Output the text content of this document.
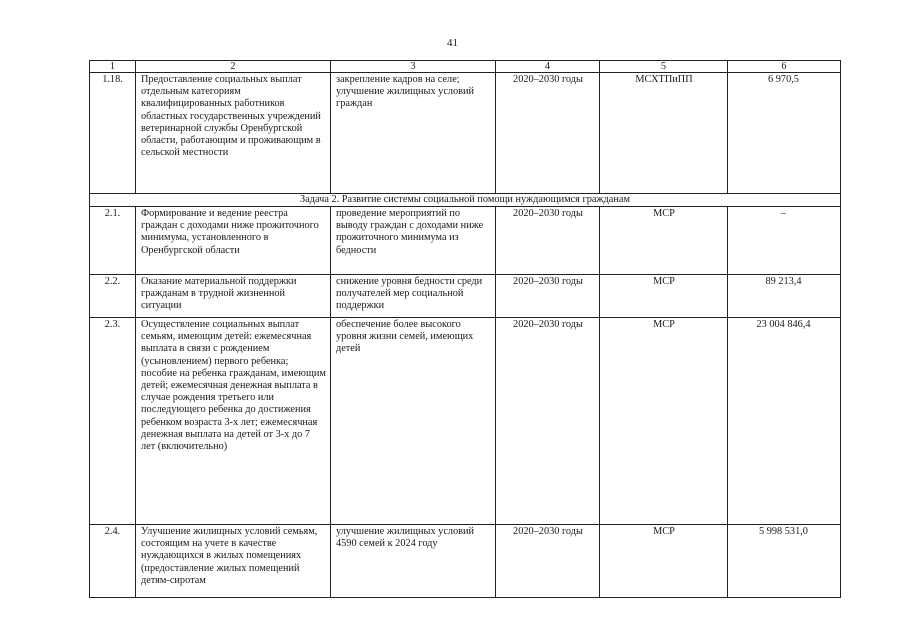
41
1	2	3	4	5	6
1.18.	Предоставление социальных выплат отдельным категориям квалифицированных работников областных государственных учреждений ветеринарной службы Оренбургской области, работающим и проживающим в сельской местности	закрепление кадров на селе; улучшение жилищных условий граждан	2020–2030 годы	МСХТПиПП	6 970,5
Задача 2. Развитие системы социальной помощи нуждающимся гражданам					
2.1.	Формирование и ведение реестра граждан с доходами ниже прожиточного минимума, установленного в Оренбургской области	проведение мероприятий по выводу граждан с доходами ниже прожиточного минимума из бедности	2020–2030 годы	МСР	–
2.2.	Оказание материальной поддержки гражданам в трудной жизненной ситуации	снижение уровня бедности среди получателей мер социальной поддержки	2020–2030 годы	МСР	89 213,4
2.3.	Осуществление социальных выплат семьям, имеющим детей: ежемесячная выплата в связи с рождением (усыновлением) первого ребенка; пособие на ребенка гражданам, имеющим детей; ежемесячная денежная выплата в случае рождения третьего или последующего ребенка до достижения ребенком возраста 3-х лет; ежемесячная денежная выплата на детей от 3-х до 7 лет (включительно)	обеспечение более высокого уровня жизни семей, имеющих детей	2020–2030 годы	МСР	23 004 846,4
2.4.	Улучшение жилищных условий семьям, состоящим на учете в качестве нуждающихся в жилых помещениях (предоставление жилых помещений детям-сиротам	улучшение жилищных условий 4590 семей к 2024 году	2020–2030 годы	МСР	5 998 531,0
